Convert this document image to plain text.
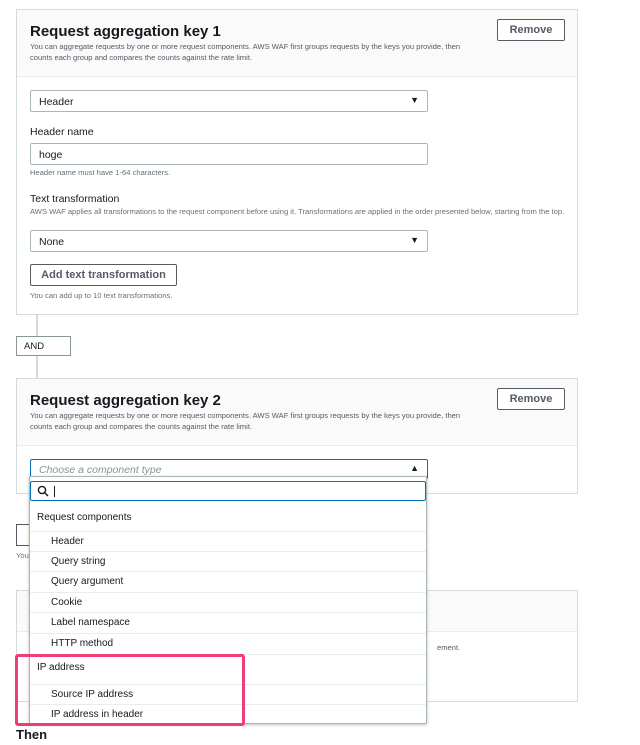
Request aggregation key 1
You can aggregate requests by one or more request components. AWS WAF first groups requests by the keys you provide, then counts each group and compares the counts against the rate limit.
Remove
Header	▼
Header name
hoge
Header name must have 1-64 characters.
Text transformation
AWS WAF applies all transformations to the request component before using it. Transformations are applied in the order presented below, starting from the top.
None	▼
Add text transformation
You can add up to 10 text transformations.
AND
Request aggregation key 2
You can aggregate requests by one or more request components. AWS WAF first groups requests by the keys you provide, then counts each group and compares the counts against the rate limit.
Remove
Choose a component type	▲
You
ement.
Request components
Header
Query string
Query argument
Cookie
Label namespace
HTTP method
IP address
Source IP address
IP address in header
Then
